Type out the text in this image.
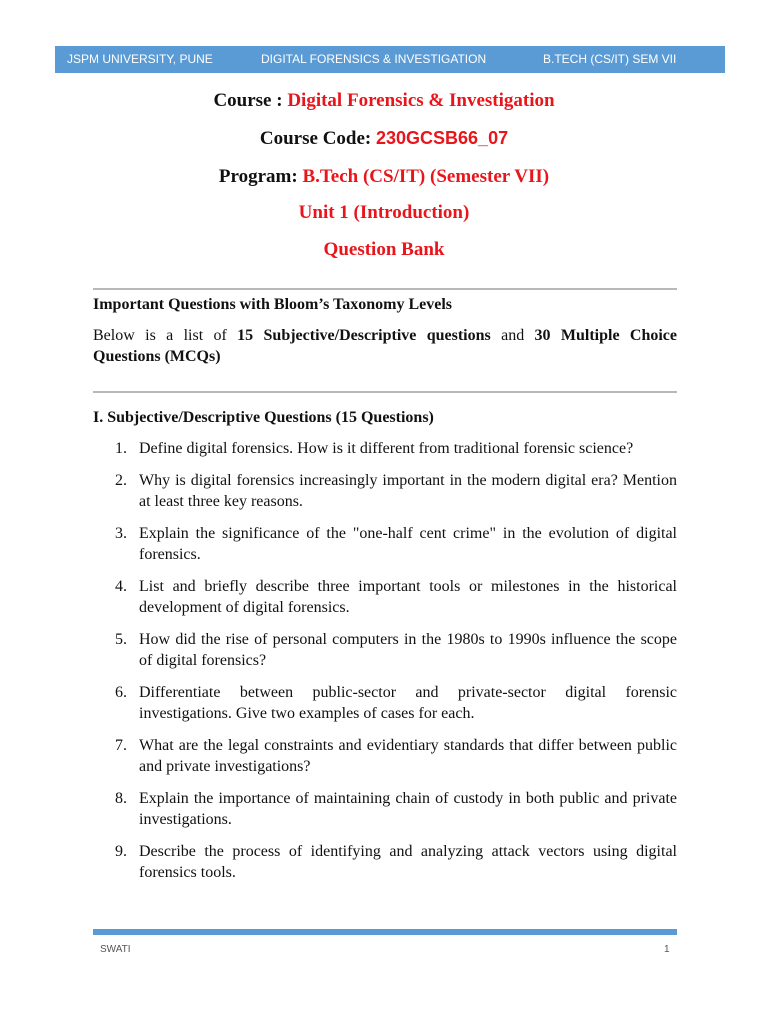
JSPM UNIVERSITY, PUNE	DIGITAL FORENSICS & INVESTIGATION	B.TECH (CS/IT) SEM VII
Course : Digital Forensics & Investigation
Course Code: 230GCSB66_07
Program: B.Tech (CS/IT) (Semester VII)
Unit 1 (Introduction)
Question Bank
Important Questions with Bloom’s Taxonomy Levels
Below is a list of 15 Subjective/Descriptive questions and 30 Multiple Choice Questions (MCQs)
I. Subjective/Descriptive Questions (15 Questions)
1. Define digital forensics. How is it different from traditional forensic science?
2. Why is digital forensics increasingly important in the modern digital era? Mention at least three key reasons.
3. Explain the significance of the "one-half cent crime" in the evolution of digital forensics.
4. List and briefly describe three important tools or milestones in the historical development of digital forensics.
5. How did the rise of personal computers in the 1980s to 1990s influence the scope of digital forensics?
6. Differentiate between public-sector and private-sector digital forensic investigations. Give two examples of cases for each.
7. What are the legal constraints and evidentiary standards that differ between public and private investigations?
8. Explain the importance of maintaining chain of custody in both public and private investigations.
9. Describe the process of identifying and analyzing attack vectors using digital forensics tools.
SWATI	1
